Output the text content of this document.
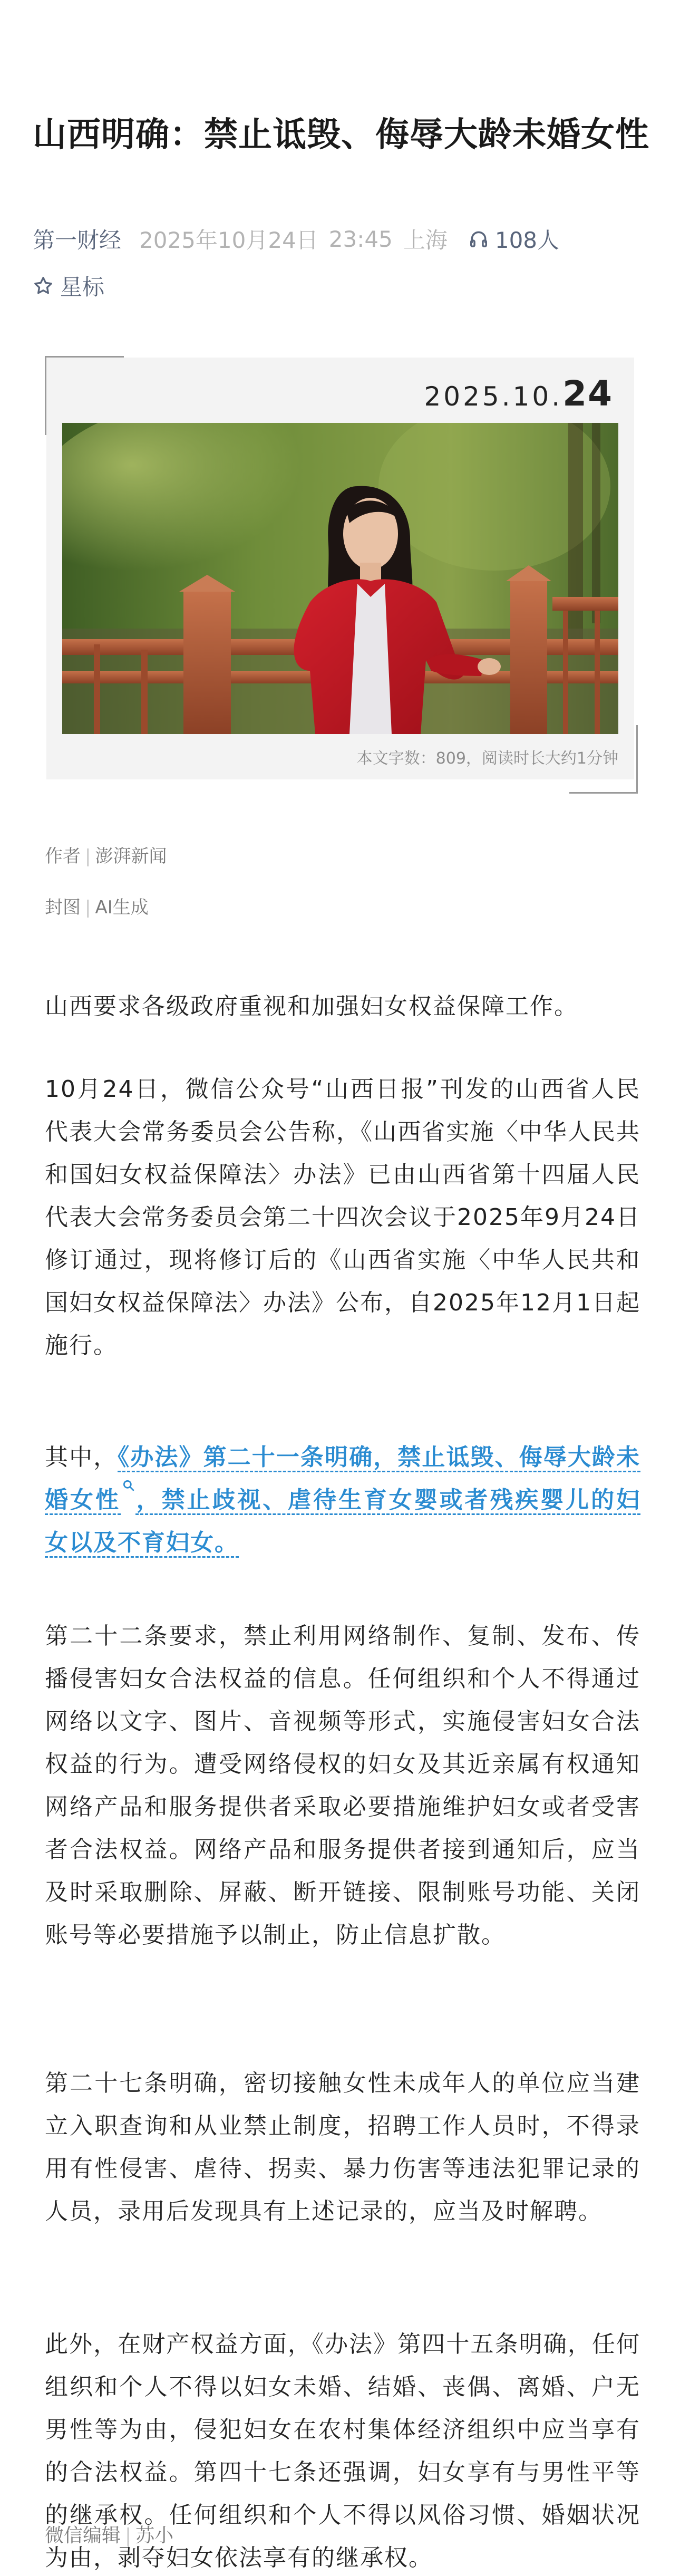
山西明确：禁止诋毁、侮辱大龄未婚女性
第一财经 2025年10月24日 23:45 上海 108人
星标
2025.10.24
本文字数：809，阅读时长大约1分钟
作者 | 澎湃新闻
封图 | AI生成

山西要求各级政府重视和加强妇女权益保障工作。

10月24日，微信公众号“山西日报”刊发的山西省人民代表大会常务委员会公告称，《山西省实施〈中华人民共和国妇女权益保障法〉办法》已由山西省第十四届人民代表大会常务委员会第二十四次会议于2025年9月24日修订通过，现将修订后的《山西省实施〈中华人民共和国妇女权益保障法〉办法》公布，自2025年12月1日起施行。

其中，《办法》第二十一条明确，禁止诋毁、侮辱大龄未婚女性 ，禁止歧视、虐待生育女婴或者残疾婴儿的妇女以及不育妇女。

第二十二条要求，禁止利用网络制作、复制、发布、传播侵害妇女合法权益的信息。任何组织和个人不得通过网络以文字、图片、音视频等形式，实施侵害妇女合法权益的行为。遭受网络侵权的妇女及其近亲属有权通知网络产品和服务提供者采取必要措施维护妇女或者受害者合法权益。网络产品和服务提供者接到通知后，应当及时采取删除、屏蔽、断开链接、限制账号功能、关闭账号等必要措施予以制止，防止信息扩散。

第二十七条明确，密切接触女性未成年人的单位应当建立入职查询和从业禁止制度，招聘工作人员时，不得录用有性侵害、虐待、拐卖、暴力伤害等违法犯罪记录的人员，录用后发现具有上述记录的，应当及时解聘。

此外，在财产权益方面，《办法》第四十五条明确，任何组织和个人不得以妇女未婚、结婚、丧偶、离婚、户无男性等为由，侵犯妇女在农村集体经济组织中应当享有的合法权益。第四十七条还强调，妇女享有与男性平等的继承权。任何组织和个人不得以风俗习惯、婚姻状况为由，剥夺妇女依法享有的继承权。

微信编辑 | 苏小
